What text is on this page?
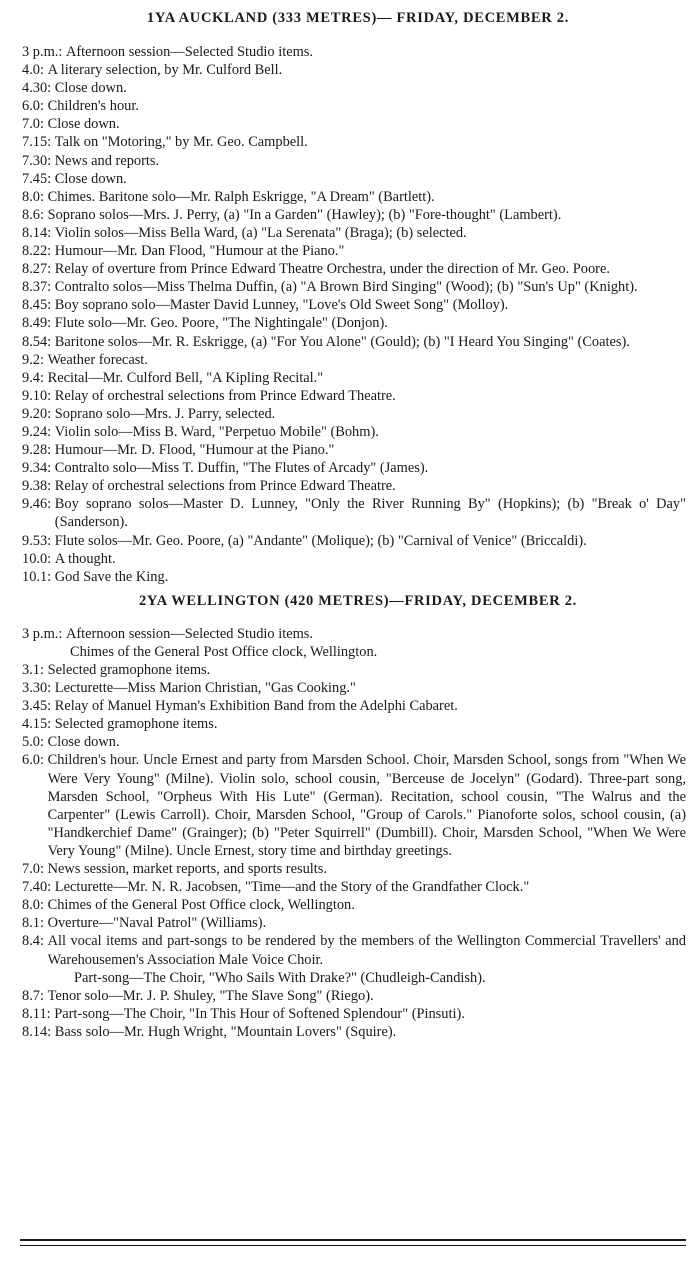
1YA AUCKLAND (333 METRES)— FRIDAY, DECEMBER 2.
3 p.m.: Afternoon session—Selected Studio items.
4.0: A literary selection, by Mr. Culford Bell.
4.30: Close down.
6.0: Children's hour.
7.0: Close down.
7.15: Talk on "Motoring," by Mr. Geo. Campbell.
7.30: News and reports.
7.45: Close down.
8.0: Chimes. Baritone solo—Mr. Ralph Eskrigge, "A Dream" (Bartlett).
8.6: Soprano solos—Mrs. J. Perry, (a) "In a Garden" (Hawley); (b) "Fore-thought" (Lambert).
8.14: Violin solos—Miss Bella Ward, (a) "La Serenata" (Braga); (b) selected.
8.22: Humour—Mr. Dan Flood, "Humour at the Piano."
8.27: Relay of overture from Prince Edward Theatre Orchestra, under the direction of Mr. Geo. Poore.
8.37: Contralto solos—Miss Thelma Duffin, (a) "A Brown Bird Singing" (Wood); (b) "Sun's Up" (Knight).
8.45: Boy soprano solo—Master David Lunney, "Love's Old Sweet Song" (Molloy).
8.49: Flute solo—Mr. Geo. Poore, "The Nightingale" (Donjon).
8.54: Baritone solos—Mr. R. Eskrigge, (a) "For You Alone" (Gould); (b) "I Heard You Singing" (Coates).
9.2: Weather forecast.
9.4: Recital—Mr. Culford Bell, "A Kipling Recital."
9.10: Relay of orchestral selections from Prince Edward Theatre.
9.20: Soprano solo—Mrs. J. Parry, selected.
9.24: Violin solo—Miss B. Ward, "Perpetuo Mobile" (Bohm).
9.28: Humour—Mr. D. Flood, "Humour at the Piano."
9.34: Contralto solo—Miss T. Duffin, "The Flutes of Arcady" (James).
9.38: Relay of orchestral selections from Prince Edward Theatre.
9.46: Boy soprano solos—Master D. Lunney, "Only the River Running By" (Hopkins); (b) "Break o' Day" (Sanderson).
9.53: Flute solos—Mr. Geo. Poore, (a) "Andante" (Molique); (b) "Carnival of Venice" (Briccaldi).
10.0: A thought.
10.1: God Save the King.
2YA WELLINGTON (420 METRES)—FRIDAY, DECEMBER 2.
3 p.m.: Afternoon session—Selected Studio items.
Chimes of the General Post Office clock, Wellington.
3.1: Selected gramophone items.
3.30: Lecturette—Miss Marion Christian, "Gas Cooking."
3.45: Relay of Manuel Hyman's Exhibition Band from the Adelphi Cabaret.
4.15: Selected gramophone items.
5.0: Close down.
6.0: Children's hour. Uncle Ernest and party from Marsden School. Choir, Marsden School, songs from "When We Were Very Young" (Milne). Violin solo, school cousin, "Berceuse de Jocelyn" (Godard). Three-part song, Marsden School, "Orpheus With His Lute" (German). Recitation, school cousin, "The Walrus and the Carpenter" (Lewis Carroll). Choir, Marsden School, "Group of Carols." Pianoforte solos, school cousin, (a) "Handkerchief Dame" (Grainger); (b) "Peter Squirrell" (Dumbill). Choir, Marsden School, "When We Were Very Young" (Milne). Uncle Ernest, story time and birthday greetings.
7.0: News session, market reports, and sports results.
7.40: Lecturette—Mr. N. R. Jacobsen, "Time—and the Story of the Grandfather Clock."
8.0: Chimes of the General Post Office clock, Wellington.
8.1: Overture—"Naval Patrol" (Williams).
8.4: All vocal items and part-songs to be rendered by the members of the Wellington Commercial Travellers' and Warehousemen's Association Male Voice Choir.
Part-song—The Choir, "Who Sails With Drake?" (Chudleigh-Candish).
8.7: Tenor solo—Mr. J. P. Shuley, "The Slave Song" (Riego).
8.11: Part-song—The Choir, "In This Hour of Softened Splendour" (Pinsuti).
8.14: Bass solo—Mr. Hugh Wright, "Mountain Lovers" (Squire).
